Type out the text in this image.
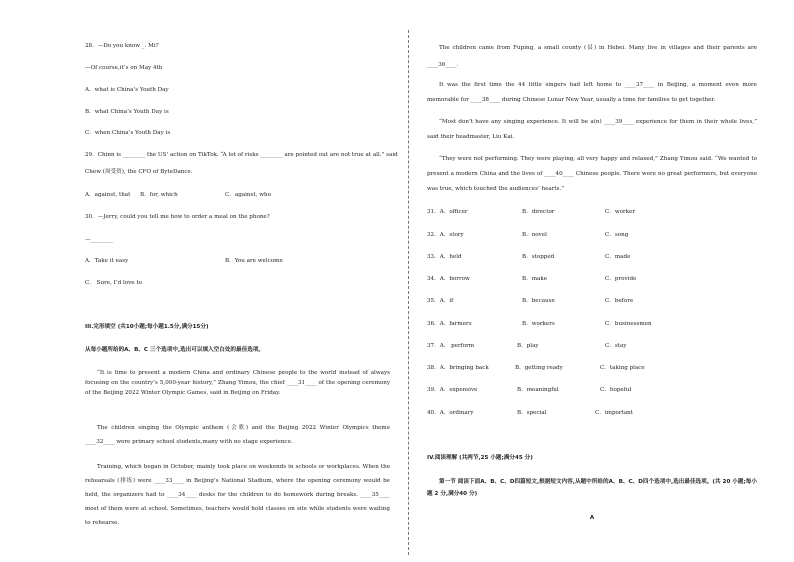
28．—Do you know _. Mi?
—Of course,it’s on May 4th
A．what is China’s Youth Day
B．what China’s Youth Day is
C．when China’s Youth Day is
29．Chinn is ________ the US’ action on TikTok. “A lot of risks ________ are pointed out are not true at all.” said
Chew (周受资), the CFO of ByteDance.
A．against, that B．for, which	C．against, who
30．—Jerry, could you tell me how to order a meal on the phone?
—________
A．Take it easy	B．You are welcome
C． Sure, I’d love to
III.完形填空 (共10小题;每小题1.5分,满分15分)
从每小题所给的A、B、C 三个选项中,选出可以填入空白处的最佳选项。
“It is time to present a modern China and ordinary Chinese people to the world instead of always focusing on the country’s 5,000-year history,” Zhang Yimou, the chief ____31____ of the opening ceremony of the Beijing 2022 Winter Olympic Games, said in Beijing on Friday.
The children singing the Olympic anthem (会歌) and the Beijing 2022 Winter Olympics theme ____32____ were primary school students,many with no stage experience.
Training, which began in October, mainly took place on weekends in schools or workplaces. When the rehearsals (排练) were ____33____ in Beijing’s National Stadium, where the opening ceremony would be held, the organizers had to ____34____ desks for the children to do homework during breaks. ____35____ most of them were at school. Sometimes, teachers would hold classes on site while students were waiting to rehearse.
The children came from Fuping, a small county (县) in Hebei. Many live in villages and their parents are ____36____.
It was the first time the 44 little singers had left home to ____37____ in Beijing, a moment even more memorable for ____38____ during Chinese Lunar New Year, usually a time for families to get together.
“Most don’t have any singing experience. It will be a(n) ____39____ experience for them in their whole lives,” said their headmaster, Liu Kai.
“They were not performing. They were playing, all very happy and relaxed,” Zhang Yimou said. “We wanted to present a modern China and the lives of ____40____ Chinese people. There were no great performers, but everyone was true, which touched the audiences’ hearts.”
31．A．officer	B．director	C．worker
32．A．story	B．novel	C．song
33．A．held	B．stopped	C．made
34．A．borrow	B．make	C．provide
35．A．if	B．because	C．before
36．A．farmers	B．workers	C．businessmen
37．A． perform	B．play	C．stay
38．A．bringing back	B．getting ready	C．taking place
39．A．expensive	B．meaningful	C．hopeful
40．A．ordinary	B．special	C．important
IV.阅读理解 (共两节,25 小题;满分45 分)
第一节 阅读下面A、B、C、D四篇短文,根据短文内容,从题中所给的A、B、C、D四个选项中,选出最佳选项。(共 20 小题;每小题 2 分,满分40 分)
A
